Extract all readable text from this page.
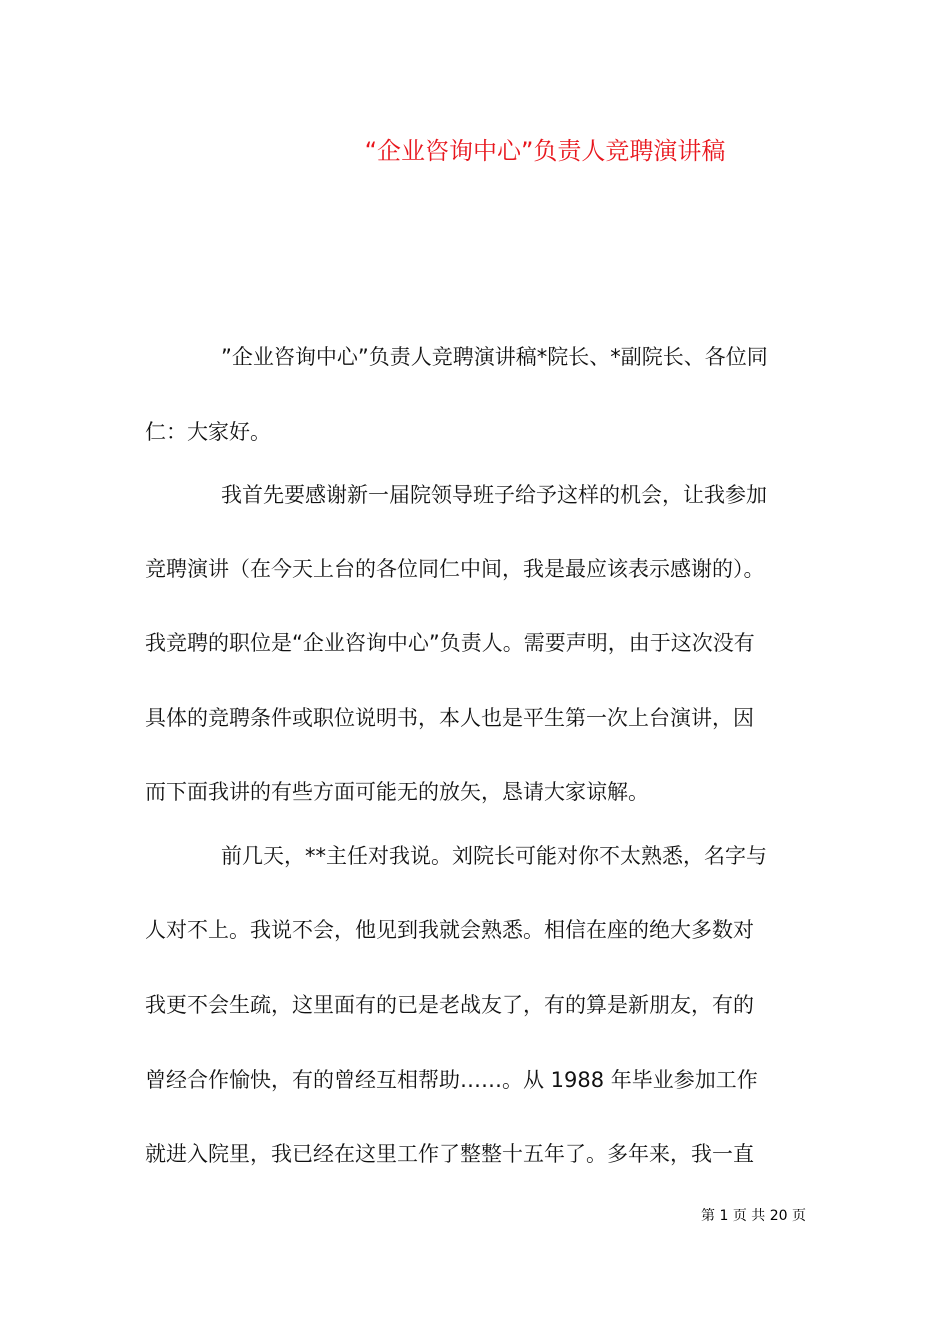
“企业咨询中心”负责人竞聘演讲稿
”企业咨询中心”负责人竞聘演讲稿*院长、*副院长、各位同
仁：大家好。
我首先要感谢新一届院领导班子给予这样的机会，让我参加
竞聘演讲（在今天上台的各位同仁中间，我是最应该表示感谢的）。
我竞聘的职位是“企业咨询中心”负责人。需要声明，由于这次没有
具体的竞聘条件或职位说明书，本人也是平生第一次上台演讲，因
而下面我讲的有些方面可能无的放矢，恳请大家谅解。
前几天，**主任对我说。刘院长可能对你不太熟悉，名字与
人对不上。我说不会，他见到我就会熟悉。相信在座的绝大多数对
我更不会生疏，这里面有的已是老战友了，有的算是新朋友，有的
曾经合作愉快，有的曾经互相帮助……。从 1988 年毕业参加工作
就进入院里，我已经在这里工作了整整十五年了。多年来，我一直
第 1 页 共 20 页
